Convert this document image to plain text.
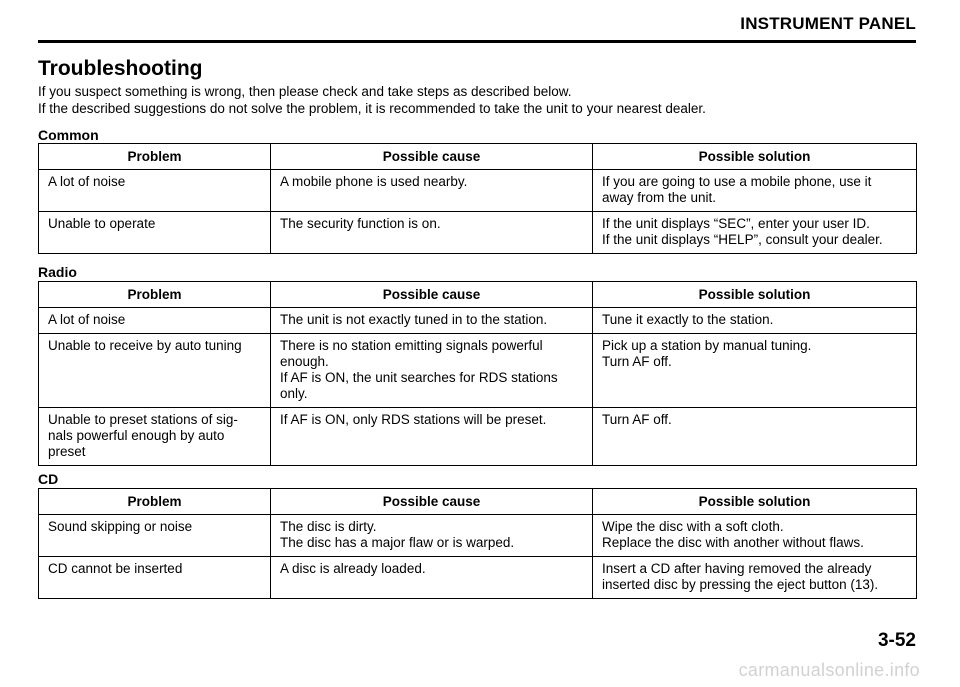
INSTRUMENT PANEL
Troubleshooting
If you suspect something is wrong, then please check and take steps as described below.
If the described suggestions do not solve the problem, it is recommended to take the unit to your nearest dealer.
Common
Problem	Possible cause	Possible solution

A lot of noise	A mobile phone is used nearby.	If you are going to use a mobile phone, use it
away from the unit.

Unable to operate	The security function is on.	If the unit displays “SEC”, enter your user ID.
If the unit displays “HELP”, consult your dealer.
Radio
Problem	Possible cause	Possible solution

A lot of noise	The unit is not exactly tuned in to the station.	Tune it exactly to the station.

Unable to receive by auto tuning	There is no station emitting signals powerful
enough.
If AF is ON, the unit searches for RDS stations
only.	Pick up a station by manual tuning.
Turn AF off.

Unable to preset stations of sig-
nals powerful enough by auto
preset	If AF is ON, only RDS stations will be preset.	Turn AF off.
CD
Problem	Possible cause	Possible solution

Sound skipping or noise	The disc is dirty.
The disc has a major flaw or is warped.	Wipe the disc with a soft cloth.
Replace the disc with another without flaws.

CD cannot be inserted	A disc is already loaded.	Insert a CD after having removed the already
inserted disc by pressing the eject button (13).
3-52
carmanualsonline.info
